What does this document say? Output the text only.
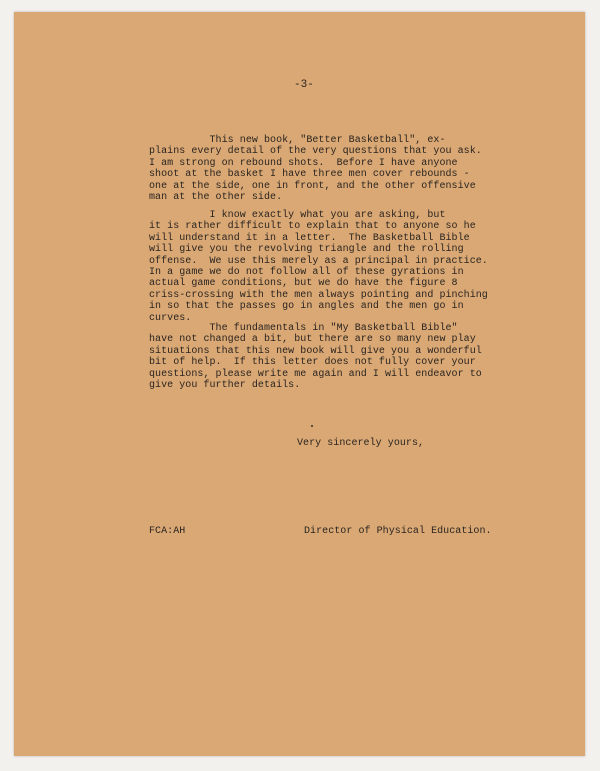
-3-
This new book, "Better Basketball", ex-
plains every detail of the very questions that you ask.
I am strong on rebound shots.  Before I have anyone
shoot at the basket I have three men cover rebounds -
one at the side, one in front, and the other offensive
man at the other side.
I know exactly what you are asking, but
it is rather difficult to explain that to anyone so he
will understand it in a letter.  The Basketball Bible
will give you the revolving triangle and the rolling
offense.  We use this merely as a principal in practice.
In a game we do not follow all of these gyrations in
actual game conditions, but we do have the figure 8
criss-crossing with the men always pointing and pinching
in so that the passes go in angles and the men go in
curves.
The fundamentals in "My Basketball Bible"
have not changed a bit, but there are so many new play
situations that this new book will give you a wonderful
bit of help.  If this letter does not fully cover your
questions, please write me again and I will endeavor to
give you further details.
Very sincerely yours,
FCA:AH	Director of Physical Education.
